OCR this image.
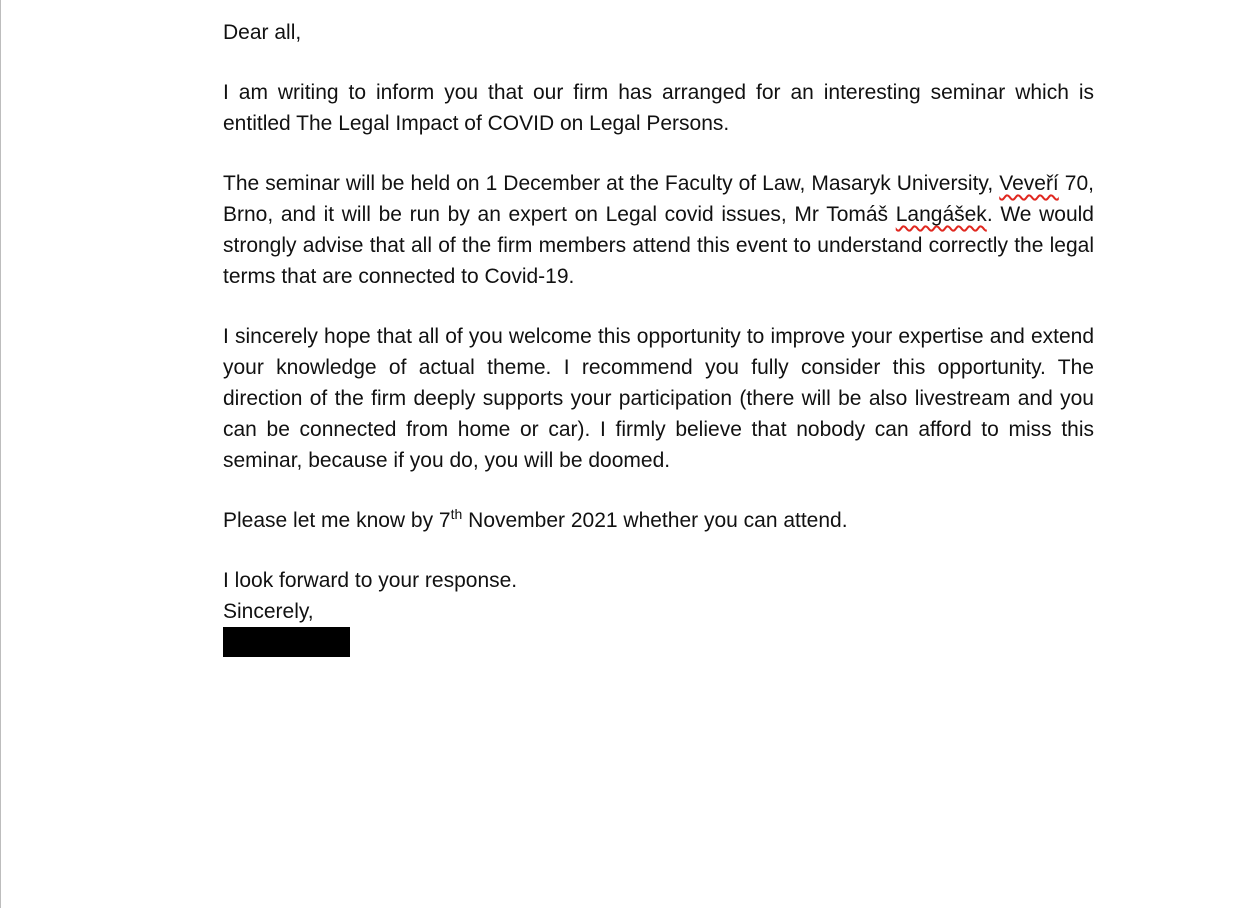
Dear all,

I am writing to inform you that our firm has arranged for an interesting seminar which is entitled The Legal Impact of COVID on Legal Persons.

The seminar will be held on 1 December at the Faculty of Law, Masaryk University, Veveří 70, Brno, and it will be run by an expert on Legal covid issues, Mr Tomáš Langášek. We would strongly advise that all of the firm members attend this event to understand correctly the legal terms that are connected to Covid-19.

I sincerely hope that all of you welcome this opportunity to improve your expertise and extend your knowledge of actual theme. I recommend you fully consider this opportunity. The direction of the firm deeply supports your participation (there will be also livestream and you can be connected from home or car). I firmly believe that nobody can afford to miss this seminar, because if you do, you will be doomed.

Please let me know by 7th November 2021 whether you can attend.

I look forward to your response.

Sincerely,
